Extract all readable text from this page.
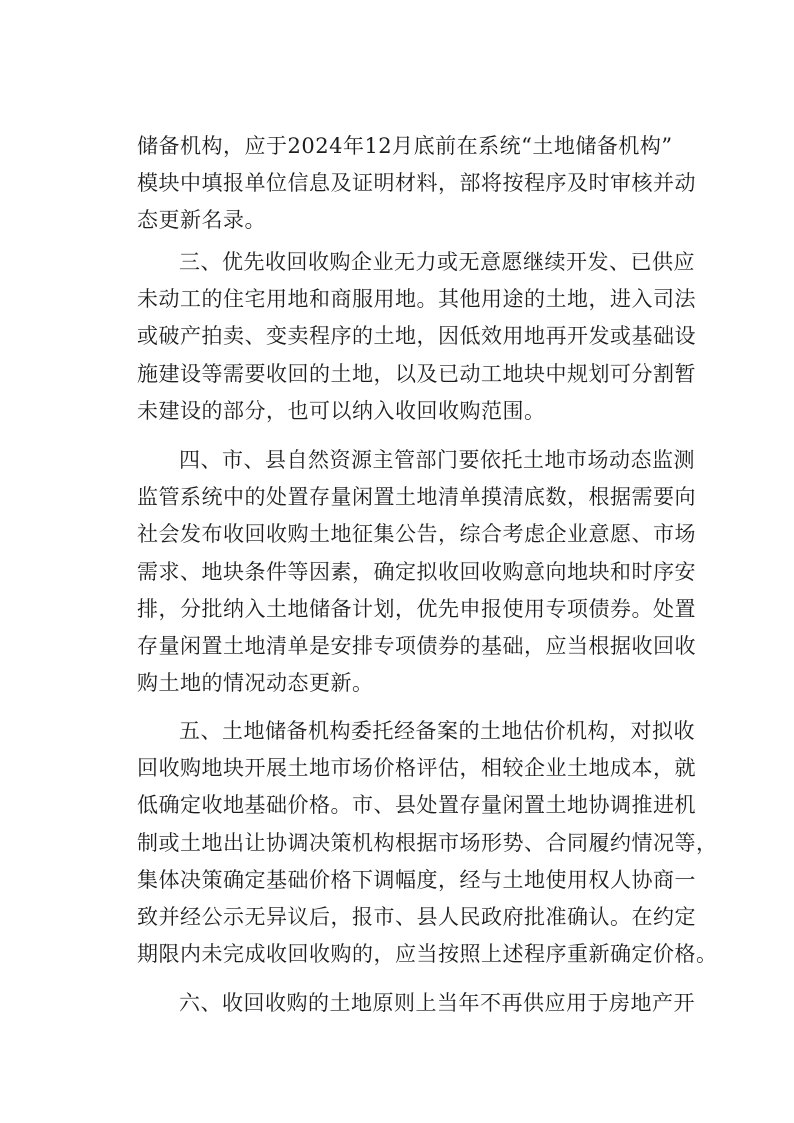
储备机构，应于2024年12月底前在系统“土地储备机构”
模块中填报单位信息及证明材料，部将按程序及时审核并动
态更新名录。
三、优先收回收购企业无力或无意愿继续开发、已供应
未动工的住宅用地和商服用地。其他用途的土地，进入司法
或破产拍卖、变卖程序的土地，因低效用地再开发或基础设
施建设等需要收回的土地，以及已动工地块中规划可分割暂
未建设的部分，也可以纳入收回收购范围。
四、市、县自然资源主管部门要依托土地市场动态监测
监管系统中的处置存量闲置土地清单摸清底数，根据需要向
社会发布收回收购土地征集公告，综合考虑企业意愿、市场
需求、地块条件等因素，确定拟收回收购意向地块和时序安
排，分批纳入土地储备计划，优先申报使用专项债券。处置
存量闲置土地清单是安排专项债券的基础，应当根据收回收
购土地的情况动态更新。
五、土地储备机构委托经备案的土地估价机构，对拟收
回收购地块开展土地市场价格评估，相较企业土地成本，就
低确定收地基础价格。市、县处置存量闲置土地协调推进机
制或土地出让协调决策机构根据市场形势、合同履约情况等，
集体决策确定基础价格下调幅度，经与土地使用权人协商一
致并经公示无异议后，报市、县人民政府批准确认。在约定
期限内未完成收回收购的，应当按照上述程序重新确定价格。
六、收回收购的土地原则上当年不再供应用于房地产开
